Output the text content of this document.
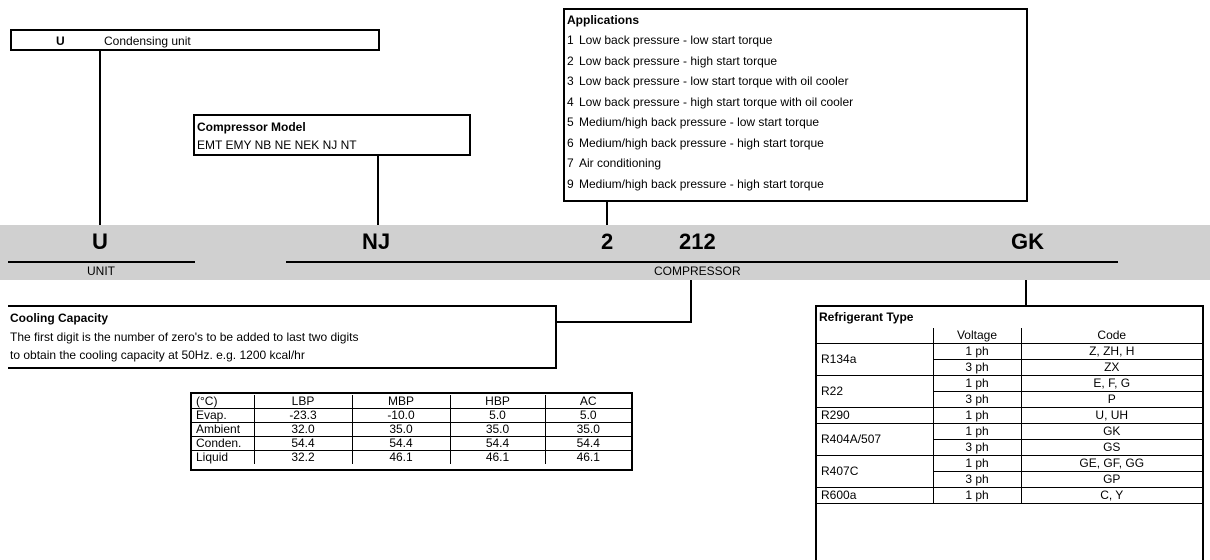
U	Condensing unit
Compressor Model
EMT EMY NB NE NEK NJ NT
Applications
1 Low back pressure - low start torque
2 Low back pressure - high start torque
3 Low back pressure - low start torque with oil cooler
4 Low back pressure - high start torque with oil cooler
5 Medium/high back pressure - low start torque
6 Medium/high back pressure - high start torque
7 Air conditioning
9 Medium/high back pressure - high start torque
U	NJ	2	212	GK
UNIT	COMPRESSOR
Cooling Capacity
The first digit is the number of zero's to be added to last two digits
to obtain the cooling capacity at 50Hz. e.g. 1200 kcal/hr
(°C)	LBP	MBP	HBP	AC
Evap.	-23.3	-10.0	5.0	5.0
Ambient	32.0	35.0	35.0	35.0
Conden.	54.4	54.4	54.4	54.4
Liquid	32.2	46.1	46.1	46.1
Refrigerant Type
	Voltage	Code
R134a	1 ph	Z, ZH, H
	3 ph	ZX
R22	1 ph	E, F, G
	3 ph	P
R290	1 ph	U, UH
R404A/507	1 ph	GK
	3 ph	GS
R407C	1 ph	GE, GF, GG
	3 ph	GP
R600a	1 ph	C, Y
